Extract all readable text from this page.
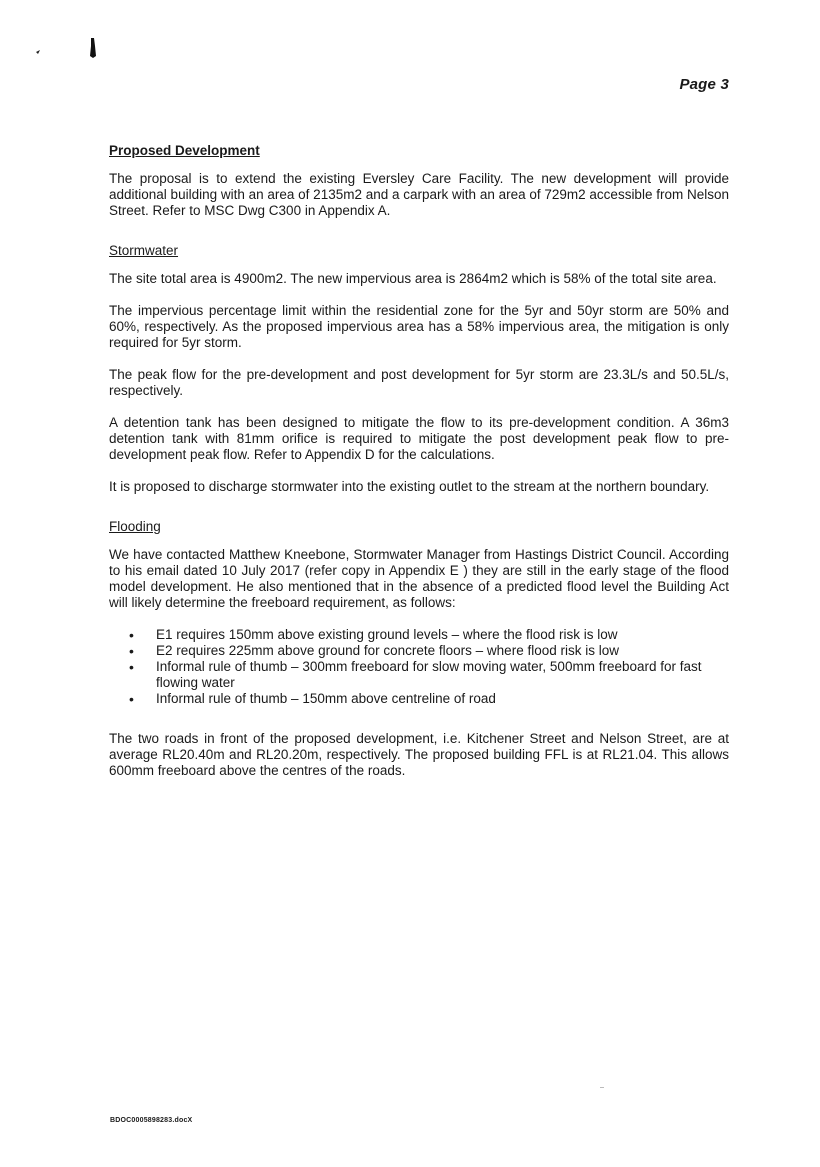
Page 3
Proposed Development

The proposal is to extend the existing Eversley Care Facility. The new development will provide additional building with an area of 2135m2 and a carpark with an area of 729m2 accessible from Nelson Street. Refer to MSC Dwg C300 in Appendix A.

Stormwater

The site total area is 4900m2. The new impervious area is 2864m2 which is 58% of the total site area.

The impervious percentage limit within the residential zone for the 5yr and 50yr storm are 50% and 60%, respectively. As the proposed impervious area has a 58% impervious area, the mitigation is only required for 5yr storm.

The peak flow for the pre-development and post development for 5yr storm are 23.3L/s and 50.5L/s, respectively.

A detention tank has been designed to mitigate the flow to its pre-development condition. A 36m3 detention tank with 81mm orifice is required to mitigate the post development peak flow to pre-development peak flow. Refer to Appendix D for the calculations.

It is proposed to discharge stormwater into the existing outlet to the stream at the northern boundary.

Flooding

We have contacted Matthew Kneebone, Stormwater Manager from Hastings District Council. According to his email dated 10 July 2017 (refer copy in Appendix E ) they are still in the early stage of the flood model development. He also mentioned that in the absence of a predicted flood level the Building Act will likely determine the freeboard requirement, as follows:

• E1 requires 150mm above existing ground levels – where the flood risk is low
• E2 requires 225mm above ground for concrete floors – where flood risk is low
• Informal rule of thumb – 300mm freeboard for slow moving water, 500mm freeboard for fast flowing water
• Informal rule of thumb – 150mm above centreline of road

The two roads in front of the proposed development, i.e. Kitchener Street and Nelson Street, are at average RL20.40m and RL20.20m, respectively. The proposed building FFL is at RL21.04. This allows 600mm freeboard above the centres of the roads.

BDOC0005898283.docX
